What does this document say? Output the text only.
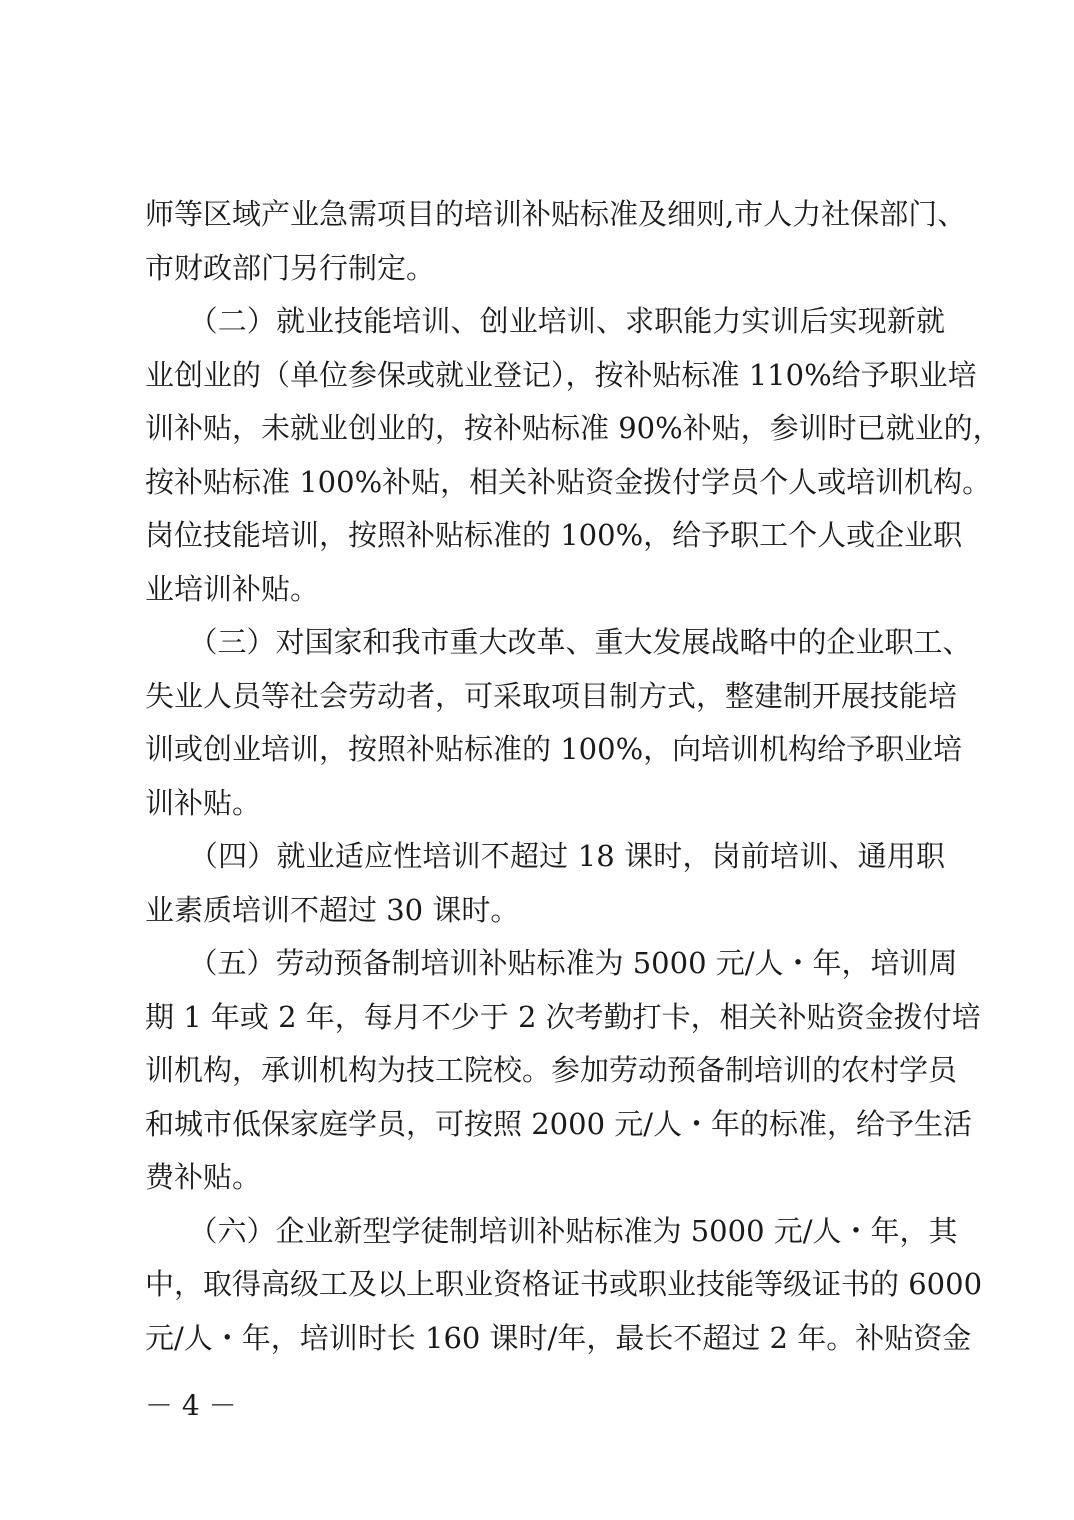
师等区域产业急需项目的培训补贴标准及细则,市人力社保部门、
市财政部门另行制定。
　　（二）就业技能培训、创业培训、求职能力实训后实现新就
业创业的（单位参保或就业登记），按补贴标准 110%给予职业培
训补贴，未就业创业的，按补贴标准 90%补贴，参训时已就业的，
按补贴标准 100%补贴，相关补贴资金拨付学员个人或培训机构。
岗位技能培训，按照补贴标准的 100%，给予职工个人或企业职
业培训补贴。
　　（三）对国家和我市重大改革、重大发展战略中的企业职工、
失业人员等社会劳动者，可采取项目制方式，整建制开展技能培
训或创业培训，按照补贴标准的 100%，向培训机构给予职业培
训补贴。
　　（四）就业适应性培训不超过 18 课时，岗前培训、通用职
业素质培训不超过 30 课时。
　　（五）劳动预备制培训补贴标准为 5000 元/人・年，培训周
期 1 年或 2 年，每月不少于 2 次考勤打卡，相关补贴资金拨付培
训机构，承训机构为技工院校。参加劳动预备制培训的农村学员
和城市低保家庭学员，可按照 2000 元/人・年的标准，给予生活
费补贴。
　　（六）企业新型学徒制培训补贴标准为 5000 元/人・年，其
中，取得高级工及以上职业资格证书或职业技能等级证书的 6000
元/人・年，培训时长 160 课时/年，最长不超过 2 年。补贴资金
－ 4 －
